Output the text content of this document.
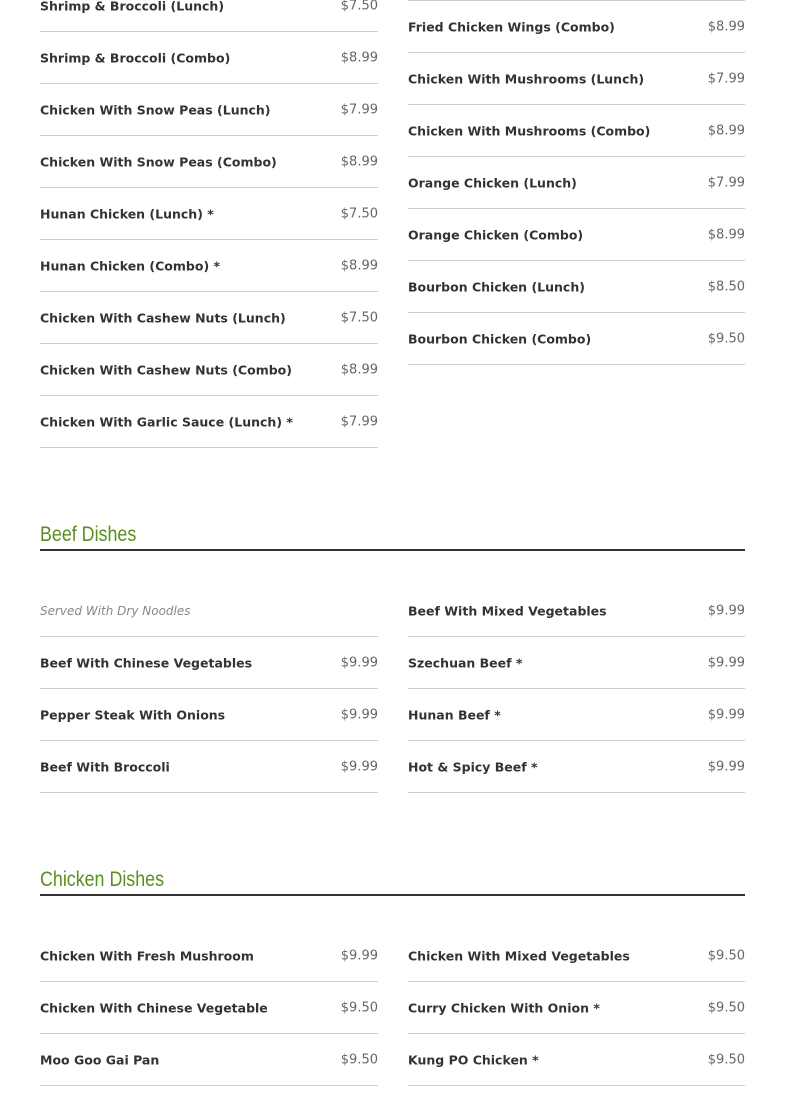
Shrimp & Broccoli (Lunch)	$7.50
Shrimp & Broccoli (Combo)	$8.99
Chicken With Snow Peas (Lunch)	$7.99
Chicken With Snow Peas (Combo)	$8.99
Hunan Chicken (Lunch) *	$7.50
Hunan Chicken (Combo) *	$8.99
Chicken With Cashew Nuts (Lunch)	$7.50
Chicken With Cashew Nuts (Combo)	$8.99
Chicken With Garlic Sauce (Lunch) *	$7.99
Fried Chicken Wings (Combo)	$8.99
Chicken With Mushrooms (Lunch)	$7.99
Chicken With Mushrooms (Combo)	$8.99
Orange Chicken (Lunch)	$7.99
Orange Chicken (Combo)	$8.99
Bourbon Chicken (Lunch)	$8.50
Bourbon Chicken (Combo)	$9.50
Beef Dishes
Served With Dry Noodles
Beef With Chinese Vegetables	$9.99
Pepper Steak With Onions	$9.99
Beef With Broccoli	$9.99
Beef With Mixed Vegetables	$9.99
Szechuan Beef *	$9.99
Hunan Beef *	$9.99
Hot & Spicy Beef *	$9.99
Chicken Dishes
Chicken With Fresh Mushroom	$9.99
Chicken With Chinese Vegetable	$9.50
Moo Goo Gai Pan	$9.50
Chicken With Mixed Vegetables	$9.50
Curry Chicken With Onion *	$9.50
Kung PO Chicken *	$9.50
